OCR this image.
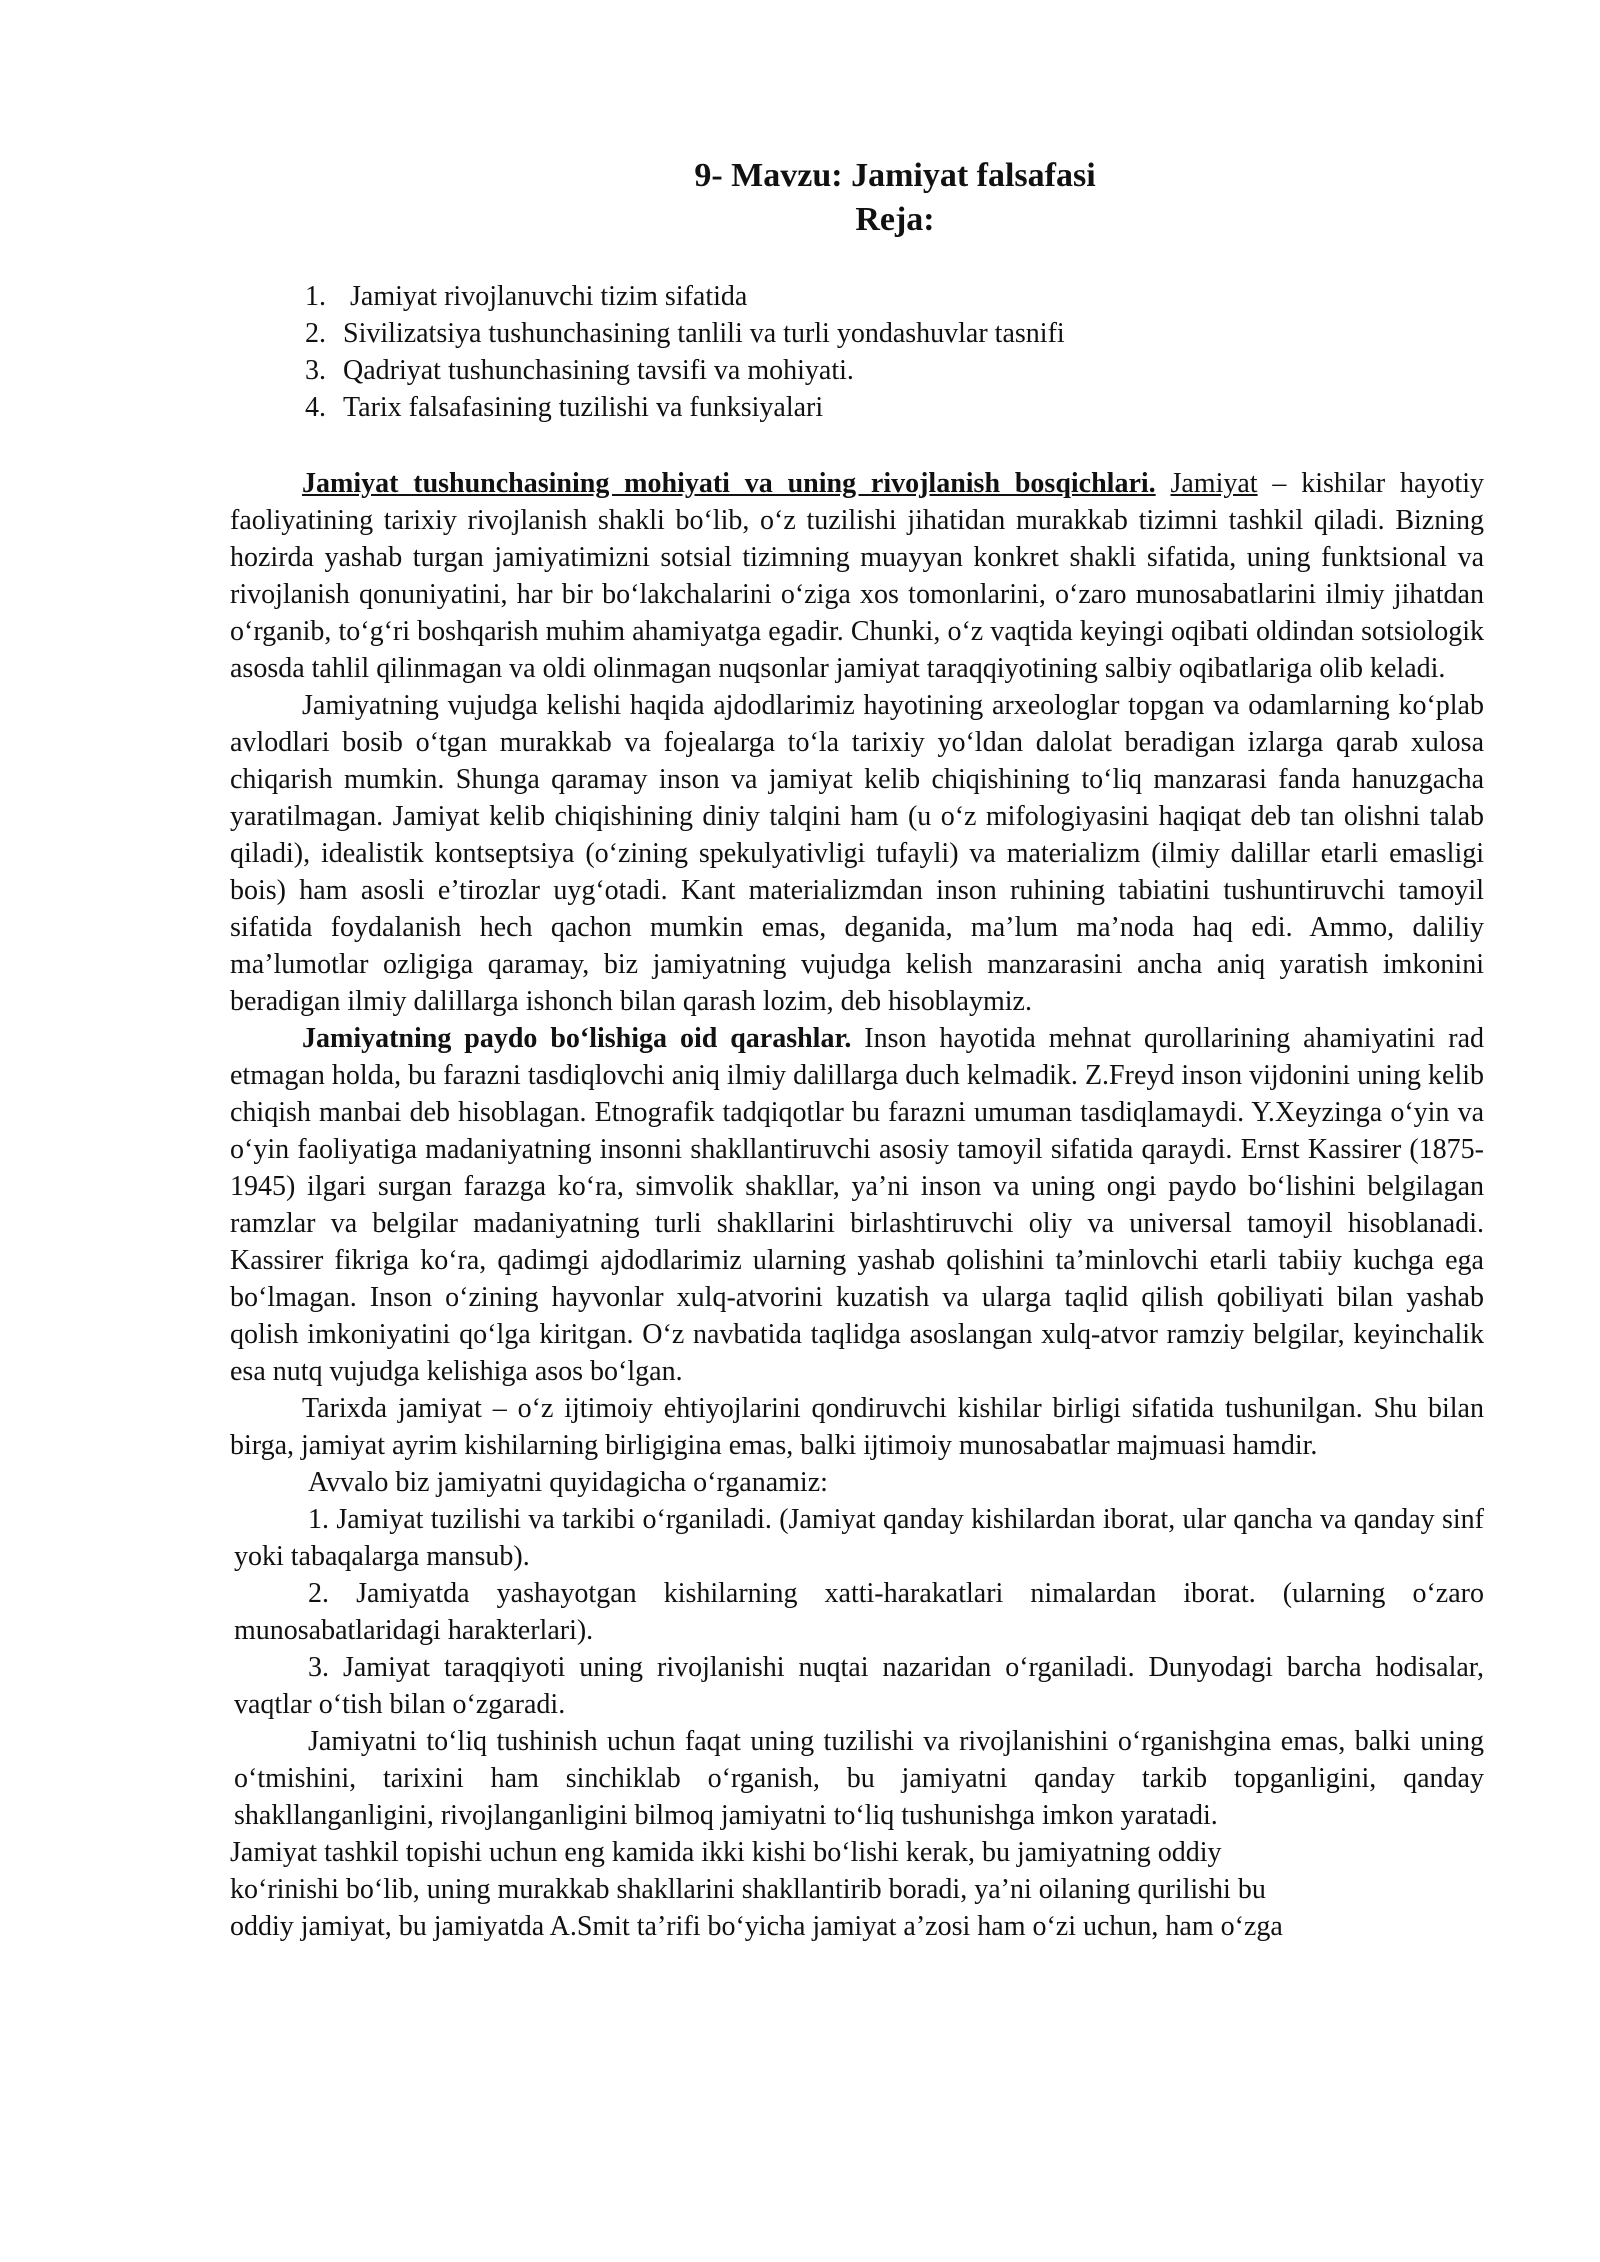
9- Mavzu: Jamiyat falsafasi
Reja:
1. Jamiyat rivojlanuvchi tizim sifatida
2. Sivilizatsiya tushunchasining tanlili va turli yondashuvlar tasnifi
3. Qadriyat tushunchasining tavsifi va mohiyati.
4. Tarix falsafasining tuzilishi va funksiyalari

Jamiyat tushunchasining mohiyati va uning rivojlanish bosqichlari. Jamiyat – kishilar hayotiy faoliyatining tarixiy rivojlanish shakli bo‘lib, o‘z tuzilishi jihatidan murakkab tizimni tashkil qiladi. Bizning hozirda yashab turgan jamiyatimizni sotsial tizimning muayyan konkret shakli sifatida, uning funktsional va rivojlanish qonuniyatini, har bir bo‘lakchalarini o‘ziga xos tomonlarini, o‘zaro munosabatlarini ilmiy jihatdan o‘rganib, to‘g‘ri boshqarish muhim ahamiyatga egadir. Chunki, o‘z vaqtida keyingi oqibati oldindan sotsiologik asosda tahlil qilinmagan va oldi olinmagan nuqsonlar jamiyat taraqqiyotining salbiy oqibatlariga olib keladi.

Jamiyatning vujudga kelishi haqida ajdodlarimiz hayotining arxeologlar topgan va odamlarning ko‘plab avlodlari bosib o‘tgan murakkab va fojealarga to‘la tarixiy yo‘ldan dalolat beradigan izlarga qarab xulosa chiqarish mumkin. Shunga qaramay inson va jamiyat kelib chiqishining to‘liq manzarasi fanda hanuzgacha yaratilmagan. Jamiyat kelib chiqishining diniy talqini ham (u o‘z mifologiyasini haqiqat deb tan olishni talab qiladi), idealistik kontseptsiya (o‘zining spekulyativligi tufayli) va materializm (ilmiy dalillar etarli emasligi bois) ham asosli e’tirozlar uyg‘otadi. Kant materializmdan inson ruhining tabiatini tushuntiruvchi tamoyil sifatida foydalanish hech qachon mumkin emas, deganida, ma’lum ma’noda haq edi. Ammo, daliliy ma’lumotlar ozligiga qaramay, biz jamiyatning vujudga kelish manzarasini ancha aniq yaratish imkonini beradigan ilmiy dalillarga ishonch bilan qarash lozim, deb hisoblaymiz.

Jamiyatning paydo bo‘lishiga oid qarashlar. Inson hayotida mehnat qurollarining ahamiyatini rad etmagan holda, bu farazni tasdiqlovchi aniq ilmiy dalillarga duch kelmadik. Z.Freyd inson vijdonini uning kelib chiqish manbai deb hisoblagan. Etnografik tadqiqotlar bu farazni umuman tasdiqlamaydi. Y.Xeyzinga o‘yin va o‘yin faoliyatiga madaniyatning insonni shakllantiruvchi asosiy tamoyil sifatida qaraydi. Ernst Kassirer (1875-1945) ilgari surgan farazga ko‘ra, simvolik shakllar, ya’ni inson va uning ongi paydo bo‘lishini belgilagan ramzlar va belgilar madaniyatning turli shakllarini birlashtiruvchi oliy va universal tamoyil hisoblanadi. Kassirer fikriga ko‘ra, qadimgi ajdodlarimiz ularning yashab qolishini ta’minlovchi etarli tabiiy kuchga ega bo‘lmagan. Inson o‘zining hayvonlar xulq-atvorini kuzatish va ularga taqlid qilish qobiliyati bilan yashab qolish imkoniyatini qo‘lga kiritgan. O‘z navbatida taqlidga asoslangan xulq-atvor ramziy belgilar, keyinchalik esa nutq vujudga kelishiga asos bo‘lgan.

Tarixda jamiyat – o‘z ijtimoiy ehtiyojlarini qondiruvchi kishilar birligi sifatida tushunilgan. Shu bilan birga, jamiyat ayrim kishilarning birligigina emas, balki ijtimoiy munosabatlar majmuasi hamdir.

Avvalo biz jamiyatni quyidagicha o‘rganamiz:

1. Jamiyat tuzilishi va tarkibi o‘rganiladi. (Jamiyat qanday kishilardan iborat, ular qancha va qanday sinf yoki tabaqalarga mansub).

2. Jamiyatda yashayotgan kishilarning xatti-harakatlari nimalardan iborat. (ularning o‘zaro munosabatlaridagi harakterlari).

3. Jamiyat taraqqiyoti uning rivojlanishi nuqtai nazaridan o‘rganiladi. Dunyodagi barcha hodisalar, vaqtlar o‘tish bilan o‘zgaradi.

Jamiyatni to‘liq tushinish uchun faqat uning tuzilishi va rivojlanishini o‘rganishgina emas, balki uning o‘tmishini, tarixini ham sinchiklab o‘rganish, bu jamiyatni qanday tarkib topganligini, qanday shakllanganligini, rivojlanganligini bilmoq jamiyatni to‘liq tushunishga imkon yaratadi.

Jamiyat tashkil topishi uchun eng kamida ikki kishi bo‘lishi kerak, bu jamiyatning oddiy

ko‘rinishi bo‘lib, uning murakkab shakllarini shakllantirib boradi, ya’ni oilaning qurilishi bu

oddiy jamiyat, bu jamiyatda A.Smit ta’rifi bo‘yicha jamiyat a’zosi ham o‘zi uchun, ham o‘zga
